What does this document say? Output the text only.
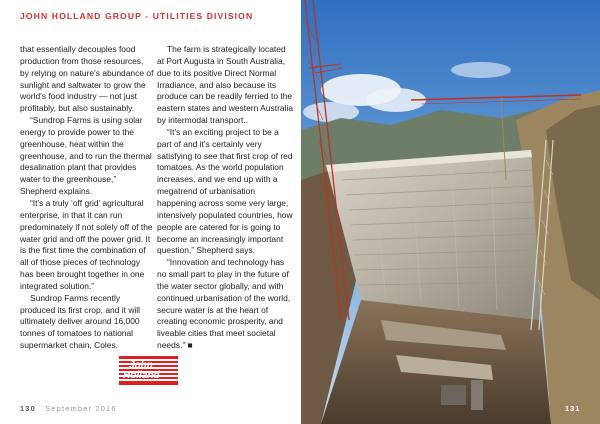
JOHN HOLLAND GROUP - UTILITIES DIVISION

that essentially decouples food production from those resources, by relying on nature's abundance of sunlight and saltwater to grow the world's food industry — not just profitably, but also sustainably.

“Sundrop Farms is using solar energy to provide power to the greenhouse, heat within the greenhouse, and to run the thermal desalination plant that provides water to the greenhouse,” Shepherd explains.

“It's a truly ‘off grid’ agricultural enterprise, in that it can run predominately if not solely off of the water grid and off the power grid. It is the first time the combination of all of those pieces of technology has been brought together in one integrated solution.”

Sundrop Farms recently produced its first crop, and it will ultimately deliver around 16,000 tonnes of tomatoes to national supermarket chain, Coles.

The farm is strategically located at Port Augusta in South Australia, due to its positive Direct Normal Irradiance, and also because its produce can be readily ferried to the eastern states and western Australia by intermodal transport..

“It's an exciting project to be a part of and it's certainly very satisfying to see that first crop of red tomatoes. As the world population increases, and we end up with a megatrend of urbanisation happening across some very large, intensively populated countries, how people are catered for is going to become an increasingly important question,” Shepherd says.

“Innovation and technology has no small part to play in the future of the water sector globally, and with continued urbanisation of the world, secure water is at the heart of creating economic prosperity, and liveable cities that meet societal needs.” ■

John
Holland
130 September 2016	131
